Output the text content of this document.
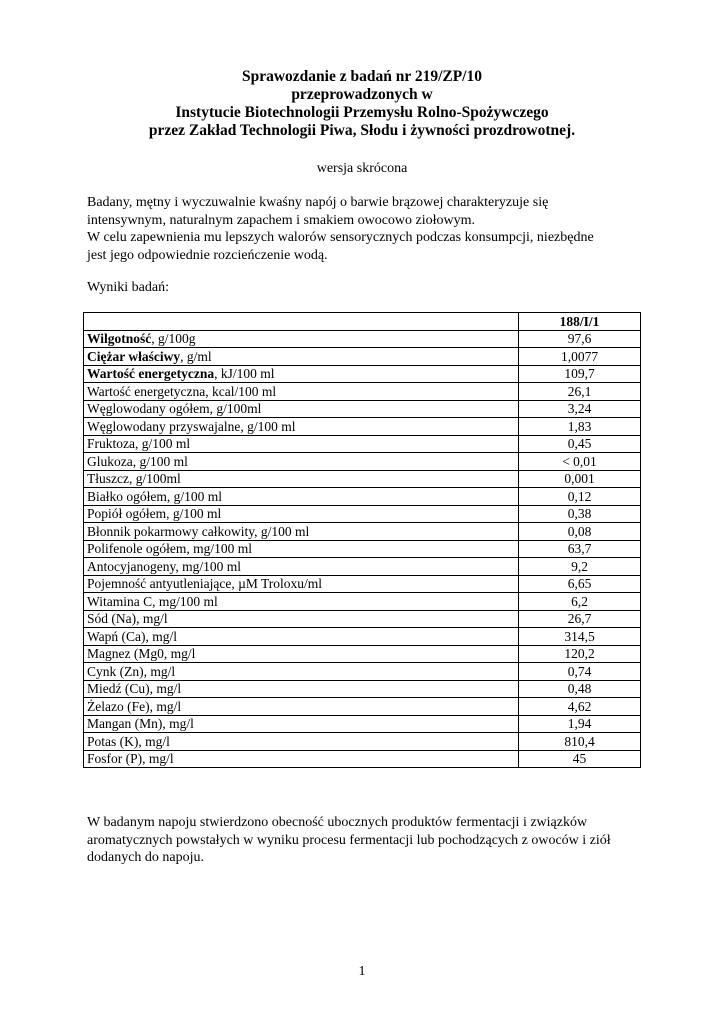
Sprawozdanie z badań nr 219/ZP/10
przeprowadzonych w
Instytucie Biotechnologii Przemysłu Rolno-Spożywczego
przez Zakład Technologii Piwa, Słodu i żywności prozdrowotnej.
wersja skrócona
Badany, mętny i wyczuwalnie kwaśny napój o barwie brązowej charakteryzuje się
intensywnym, naturalnym zapachem i smakiem owocowo ziołowym.
W celu zapewnienia mu lepszych walorów sensorycznych podczas konsumpcji, niezbędne
jest jego odpowiednie rozcieńczenie wodą.
Wyniki badań:
	188/I/1
Wilgotność, g/100g	97,6
Ciężar właściwy, g/ml	1,0077
Wartość energetyczna, kJ/100 ml	109,7
Wartość energetyczna, kcal/100 ml	26,1
Węglowodany ogółem, g/100ml	3,24
Węglowodany przyswajalne, g/100 ml	1,83
Fruktoza, g/100 ml	0,45
Glukoza, g/100 ml	< 0,01
Tłuszcz, g/100ml	0,001
Białko ogółem, g/100 ml	0,12
Popiół ogółem, g/100 ml	0,38
Błonnik pokarmowy całkowity, g/100 ml	0,08
Polifenole ogółem, mg/100 ml	63,7
Antocyjanogeny, mg/100 ml	9,2
Pojemność antyutleniające, µM Troloxu/ml	6,65
Witamina C, mg/100 ml	6,2
Sód (Na), mg/l	26,7
Wapń (Ca), mg/l	314,5
Magnez (Mg0, mg/l	120,2
Cynk (Zn), mg/l	0,74
Miedź (Cu), mg/l	0,48
Żelazo (Fe), mg/l	4,62
Mangan (Mn), mg/l	1,94
Potas (K), mg/l	810,4
Fosfor (P), mg/l	45
W badanym napoju stwierdzono obecność ubocznych produktów fermentacji i związków
aromatycznych powstałych w wyniku procesu fermentacji lub pochodzących z owoców i ziół
dodanych do napoju.
1
